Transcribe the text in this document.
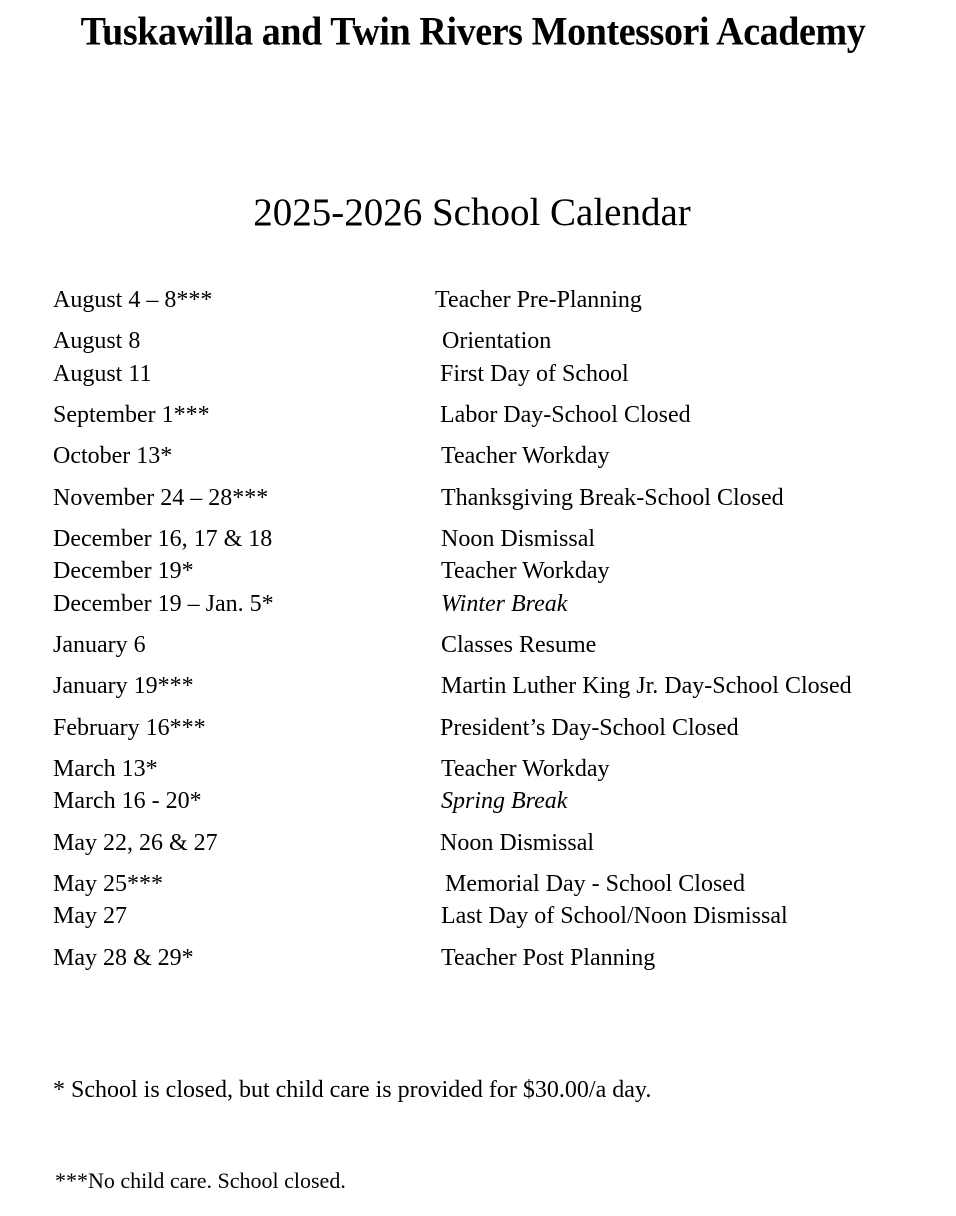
Tuskawilla and Twin Rivers Montessori Academy
2025-2026 School Calendar
August 4 – 8***	Teacher Pre-Planning
August 8	Orientation
August 11	First Day of School
September 1***	Labor Day-School Closed
October 13*	Teacher Workday
November 24 – 28***	Thanksgiving Break-School Closed
December 16, 17 & 18	Noon Dismissal
December 19*	Teacher Workday
December 19 – Jan. 5*	Winter Break
January 6	Classes Resume
January 19***	Martin Luther King Jr. Day-School Closed
February 16***	President’s Day-School Closed
March 13*	Teacher Workday
March 16 - 20*	Spring Break
May 22, 26 & 27	Noon Dismissal
May 25***	Memorial Day - School Closed
May 27	Last Day of School/Noon Dismissal
May 28 & 29*	Teacher Post Planning
* School is closed, but child care is provided for $30.00/a day.
***No child care. School closed.
